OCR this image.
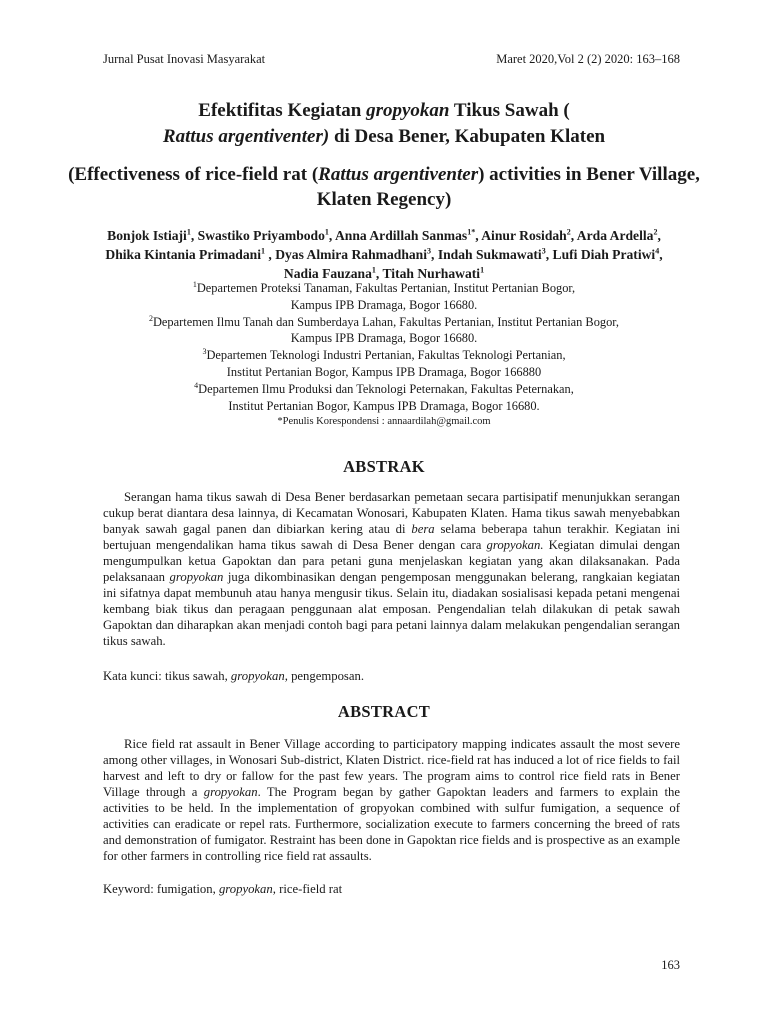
Jurnal Pusat Inovasi Masyarakat	Maret 2020,Vol 2 (2) 2020: 163–168
Efektifitas Kegiatan gropyokan Tikus Sawah (
Rattus argentiventer) di Desa Bener, Kabupaten Klaten
(Effectiveness of rice-field rat (Rattus argentiventer) activities in Bener Village, Klaten Regency)
Bonjok Istiaji$^1$, Swastiko Priyambodo$^1$, Anna Ardillah Sanmas$^{1*}$, Ainur Rosidah$^2$, Arda Ardella$^2$, Dhika Kintania Primadani$^1$ , Dyas Almira Rahmadhani$^3$, Indah Sukmawati$^3$, Lufi Diah Pratiwi$^4$, Nadia Fauzana$^1$, Titah Nurhawati$^1$
$^1$Departemen Proteksi Tanaman, Fakultas Pertanian, Institut Pertanian Bogor,
Kampus IPB Dramaga, Bogor 16680.
$^2$Departemen Ilmu Tanah dan Sumberdaya Lahan, Fakultas Pertanian, Institut Pertanian Bogor,
Kampus IPB Dramaga, Bogor 16680.
$^3$Departemen Teknologi Industri Pertanian, Fakultas Teknologi Pertanian,
Institut Pertanian Bogor, Kampus IPB Dramaga, Bogor 166880
$^4$Departemen Ilmu Produksi dan Teknologi Peternakan, Fakultas Peternakan,
Institut Pertanian Bogor, Kampus IPB Dramaga, Bogor 16680.
*Penulis Korespondensi : annaardilah@gmail.com
ABSTRAK
Serangan hama tikus sawah di Desa Bener berdasarkan pemetaan secara partisipatif menunjukkan serangan cukup berat diantara desa lainnya, di Kecamatan Wonosari, Kabupaten Klaten. Hama tikus sawah menyebabkan banyak sawah gagal panen dan dibiarkan kering atau di bera selama beberapa tahun terakhir. Kegiatan ini bertujuan mengendalikan hama tikus sawah di Desa Bener dengan cara gropyokan. Kegiatan dimulai dengan mengumpulkan ketua Gapoktan dan para petani guna menjelaskan kegiatan yang akan dilaksanakan. Pada pelaksanaan gropyokan juga dikombinasikan dengan pengemposan menggunakan belerang, rangkaian kegiatan ini sifatnya dapat membunuh atau hanya mengusir tikus. Selain itu, diadakan sosialisasi kepada petani mengenai kembang biak tikus dan peragaan penggunaan alat emposan. Pengendalian telah dilakukan di petak sawah Gapoktan dan diharapkan akan menjadi contoh bagi para petani lainnya dalam melakukan pengendalian serangan tikus sawah.
Kata kunci: tikus sawah, gropyokan, pengemposan.
ABSTRACT
Rice field rat assault in Bener Village according to participatory mapping indicates assault the most severe among other villages, in Wonosari Sub-district, Klaten District. rice-field rat has induced a lot of rice fields to fail harvest and left to dry or fallow for the past few years. The program aims to control rice field rats in Bener Village through a gropyokan. The Program began by gather Gapoktan leaders and farmers to explain the activities to be held. In the implementation of gropyokan combined with sulfur fumigation, a sequence of activities can eradicate or repel rats. Furthermore, socialization execute to farmers concerning the breed of rats and demonstration of fumigator. Restraint has been done in Gapoktan rice fields and is prospective as an example for other farmers in controlling rice field rat assaults.
Keyword: fumigation, gropyokan, rice-field rat
163
